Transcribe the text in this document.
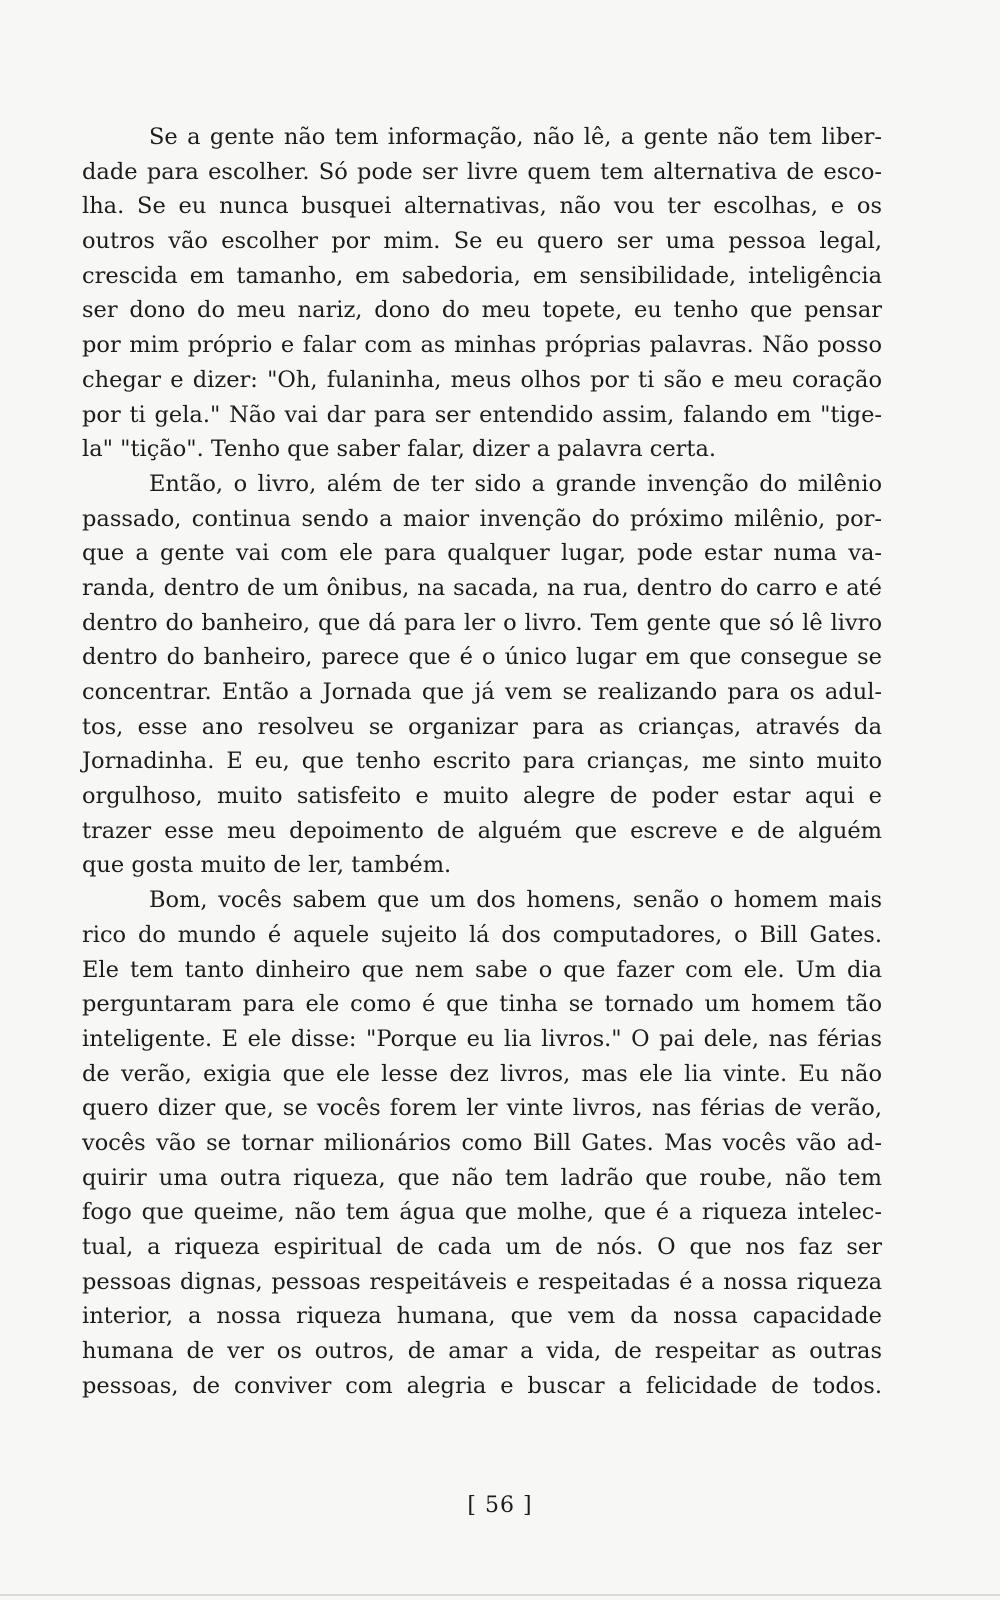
Se a gente não tem informação, não lê, a gente não tem liber-
dade para escolher. Só pode ser livre quem tem alternativa de esco-
lha. Se eu nunca busquei alternativas, não vou ter escolhas, e os
outros vão escolher por mim. Se eu quero ser uma pessoa legal,
crescida em tamanho, em sabedoria, em sensibilidade, inteligência
ser dono do meu nariz, dono do meu topete, eu tenho que pensar
por mim próprio e falar com as minhas próprias palavras. Não posso
chegar e dizer: "Oh, fulaninha, meus olhos por ti são e meu coração
por ti gela." Não vai dar para ser entendido assim, falando em "tige-
la" "tição". Tenho que saber falar, dizer a palavra certa.
Então, o livro, além de ter sido a grande invenção do milênio
passado, continua sendo a maior invenção do próximo milênio, por-
que a gente vai com ele para qualquer lugar, pode estar numa va-
randa, dentro de um ônibus, na sacada, na rua, dentro do carro e até
dentro do banheiro, que dá para ler o livro. Tem gente que só lê livro
dentro do banheiro, parece que é o único lugar em que consegue se
concentrar. Então a Jornada que já vem se realizando para os adul-
tos, esse ano resolveu se organizar para as crianças, através da
Jornadinha. E eu, que tenho escrito para crianças, me sinto muito
orgulhoso, muito satisfeito e muito alegre de poder estar aqui e
trazer esse meu depoimento de alguém que escreve e de alguém
que gosta muito de ler, também.
Bom, vocês sabem que um dos homens, senão o homem mais
rico do mundo é aquele sujeito lá dos computadores, o Bill Gates.
Ele tem tanto dinheiro que nem sabe o que fazer com ele. Um dia
perguntaram para ele como é que tinha se tornado um homem tão
inteligente. E ele disse: "Porque eu lia livros." O pai dele, nas férias
de verão, exigia que ele lesse dez livros, mas ele lia vinte. Eu não
quero dizer que, se vocês forem ler vinte livros, nas férias de verão,
vocês vão se tornar milionários como Bill Gates. Mas vocês vão ad-
quirir uma outra riqueza, que não tem ladrão que roube, não tem
fogo que queime, não tem água que molhe, que é a riqueza intelec-
tual, a riqueza espiritual de cada um de nós. O que nos faz ser
pessoas dignas, pessoas respeitáveis e respeitadas é a nossa riqueza
interior, a nossa riqueza humana, que vem da nossa capacidade
humana de ver os outros, de amar a vida, de respeitar as outras
pessoas, de conviver com alegria e buscar a felicidade de todos.
[ 56 ]
